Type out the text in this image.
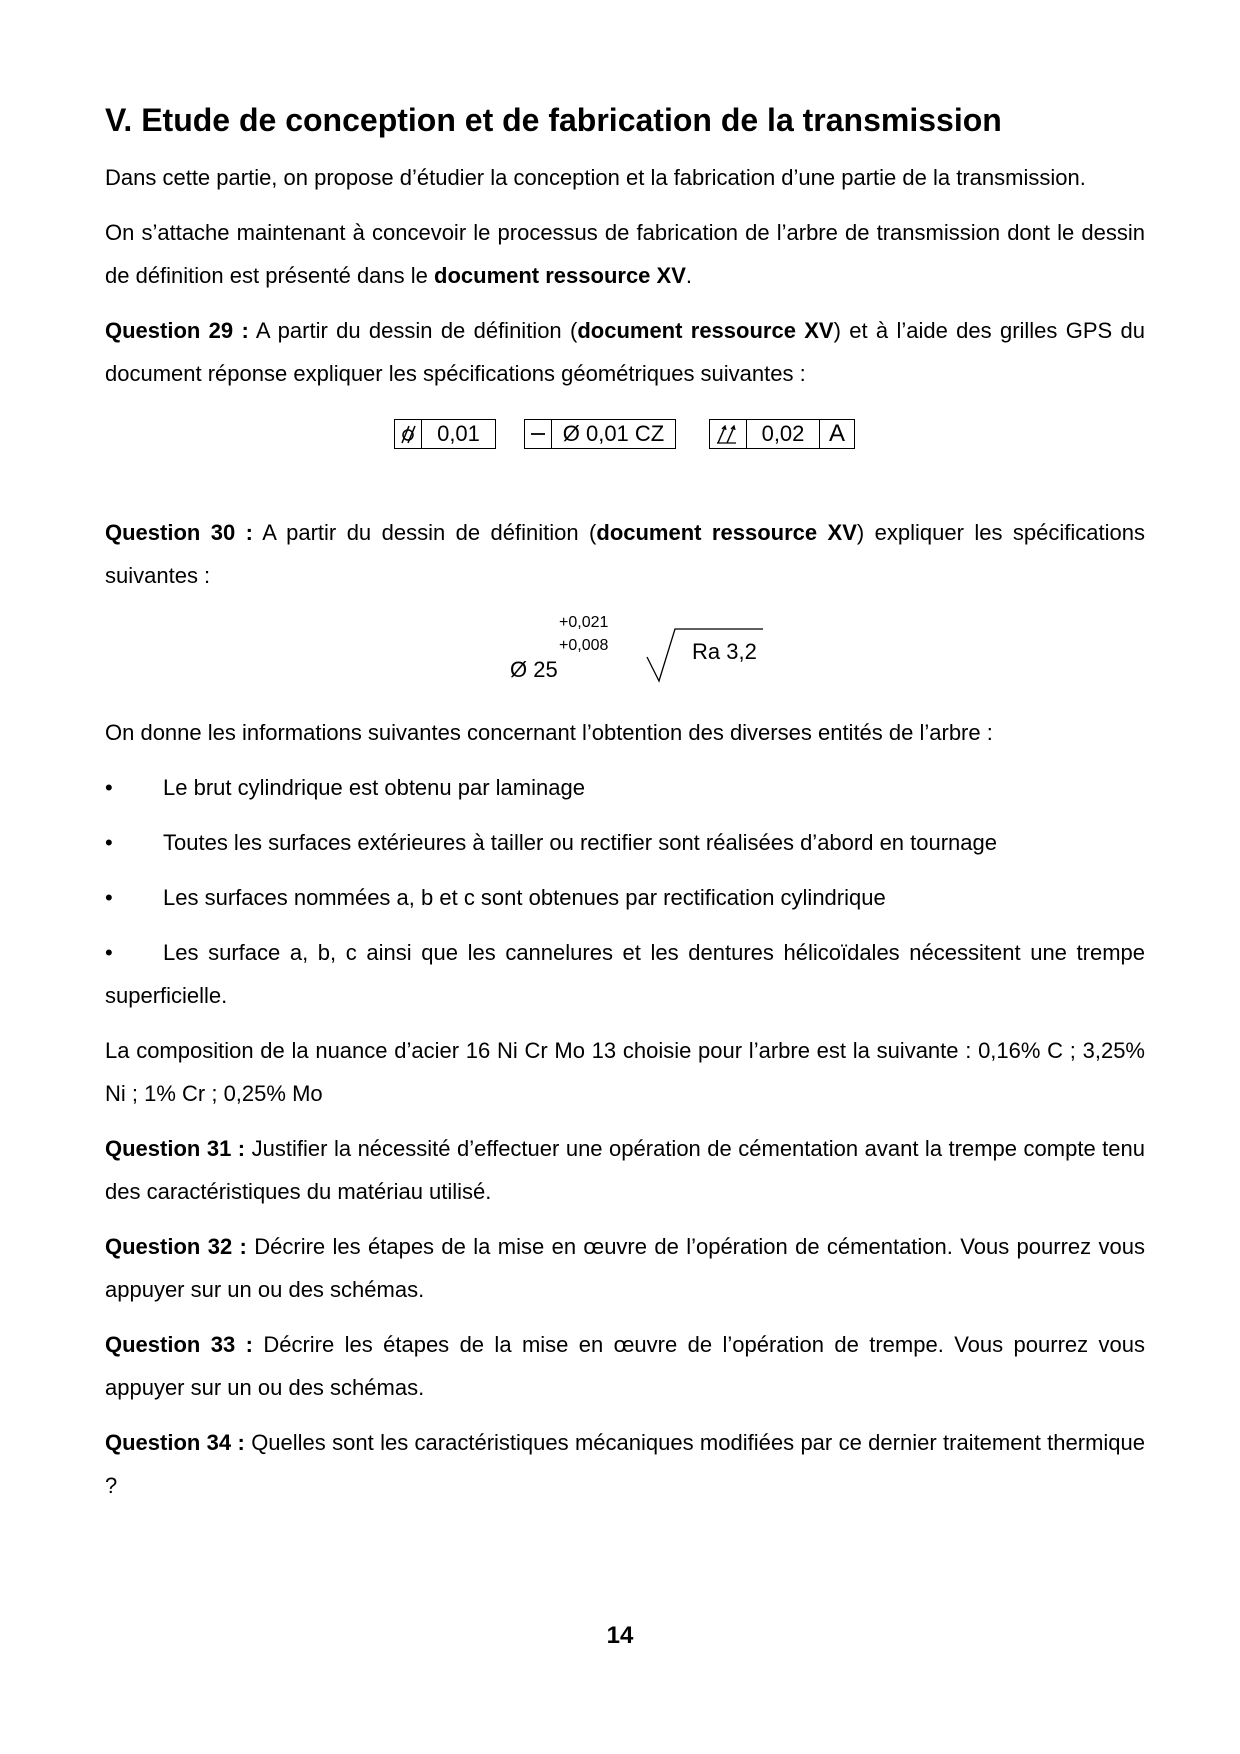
V. Etude de conception et de fabrication de la transmission

Dans cette partie, on propose d’étudier la conception et la fabrication d’une partie de la transmission.

On s’attache maintenant à concevoir le processus de fabrication de l’arbre de transmission dont le dessin de définition est présenté dans le document ressource XV.

Question 29 : A partir du dessin de définition (document ressource XV) et à l’aide des grilles GPS du document réponse expliquer les spécifications géométriques suivantes :

0,01	Ø 0,01 CZ	0,02	A

Question 30 : A partir du dessin de définition (document ressource XV) expliquer les spécifications suivantes :

Ø 25
+0,021
+0,008	Ra 3,2

On donne les informations suivantes concernant l’obtention des diverses entités de l’arbre :

• Le brut cylindrique est obtenu par laminage
• Toutes les surfaces extérieures à tailler ou rectifier sont réalisées d’abord en tournage
• Les surfaces nommées a, b et c sont obtenues par rectification cylindrique
• Les surface a, b, c ainsi que les cannelures et les dentures hélicoïdales nécessitent une trempe superficielle.

La composition de la nuance d’acier 16 Ni Cr Mo 13 choisie pour l’arbre est la suivante : 0,16% C ; 3,25% Ni ; 1% Cr ; 0,25% Mo

Question 31 : Justifier la nécessité d’effectuer une opération de cémentation avant la trempe compte tenu des caractéristiques du matériau utilisé.

Question 32 : Décrire les étapes de la mise en œuvre de l’opération de cémentation. Vous pourrez vous appuyer sur un ou des schémas.

Question 33 : Décrire les étapes de la mise en œuvre de l’opération de trempe. Vous pourrez vous appuyer sur un ou des schémas.

Question 34 : Quelles sont les caractéristiques mécaniques modifiées par ce dernier traitement thermique ?

14
